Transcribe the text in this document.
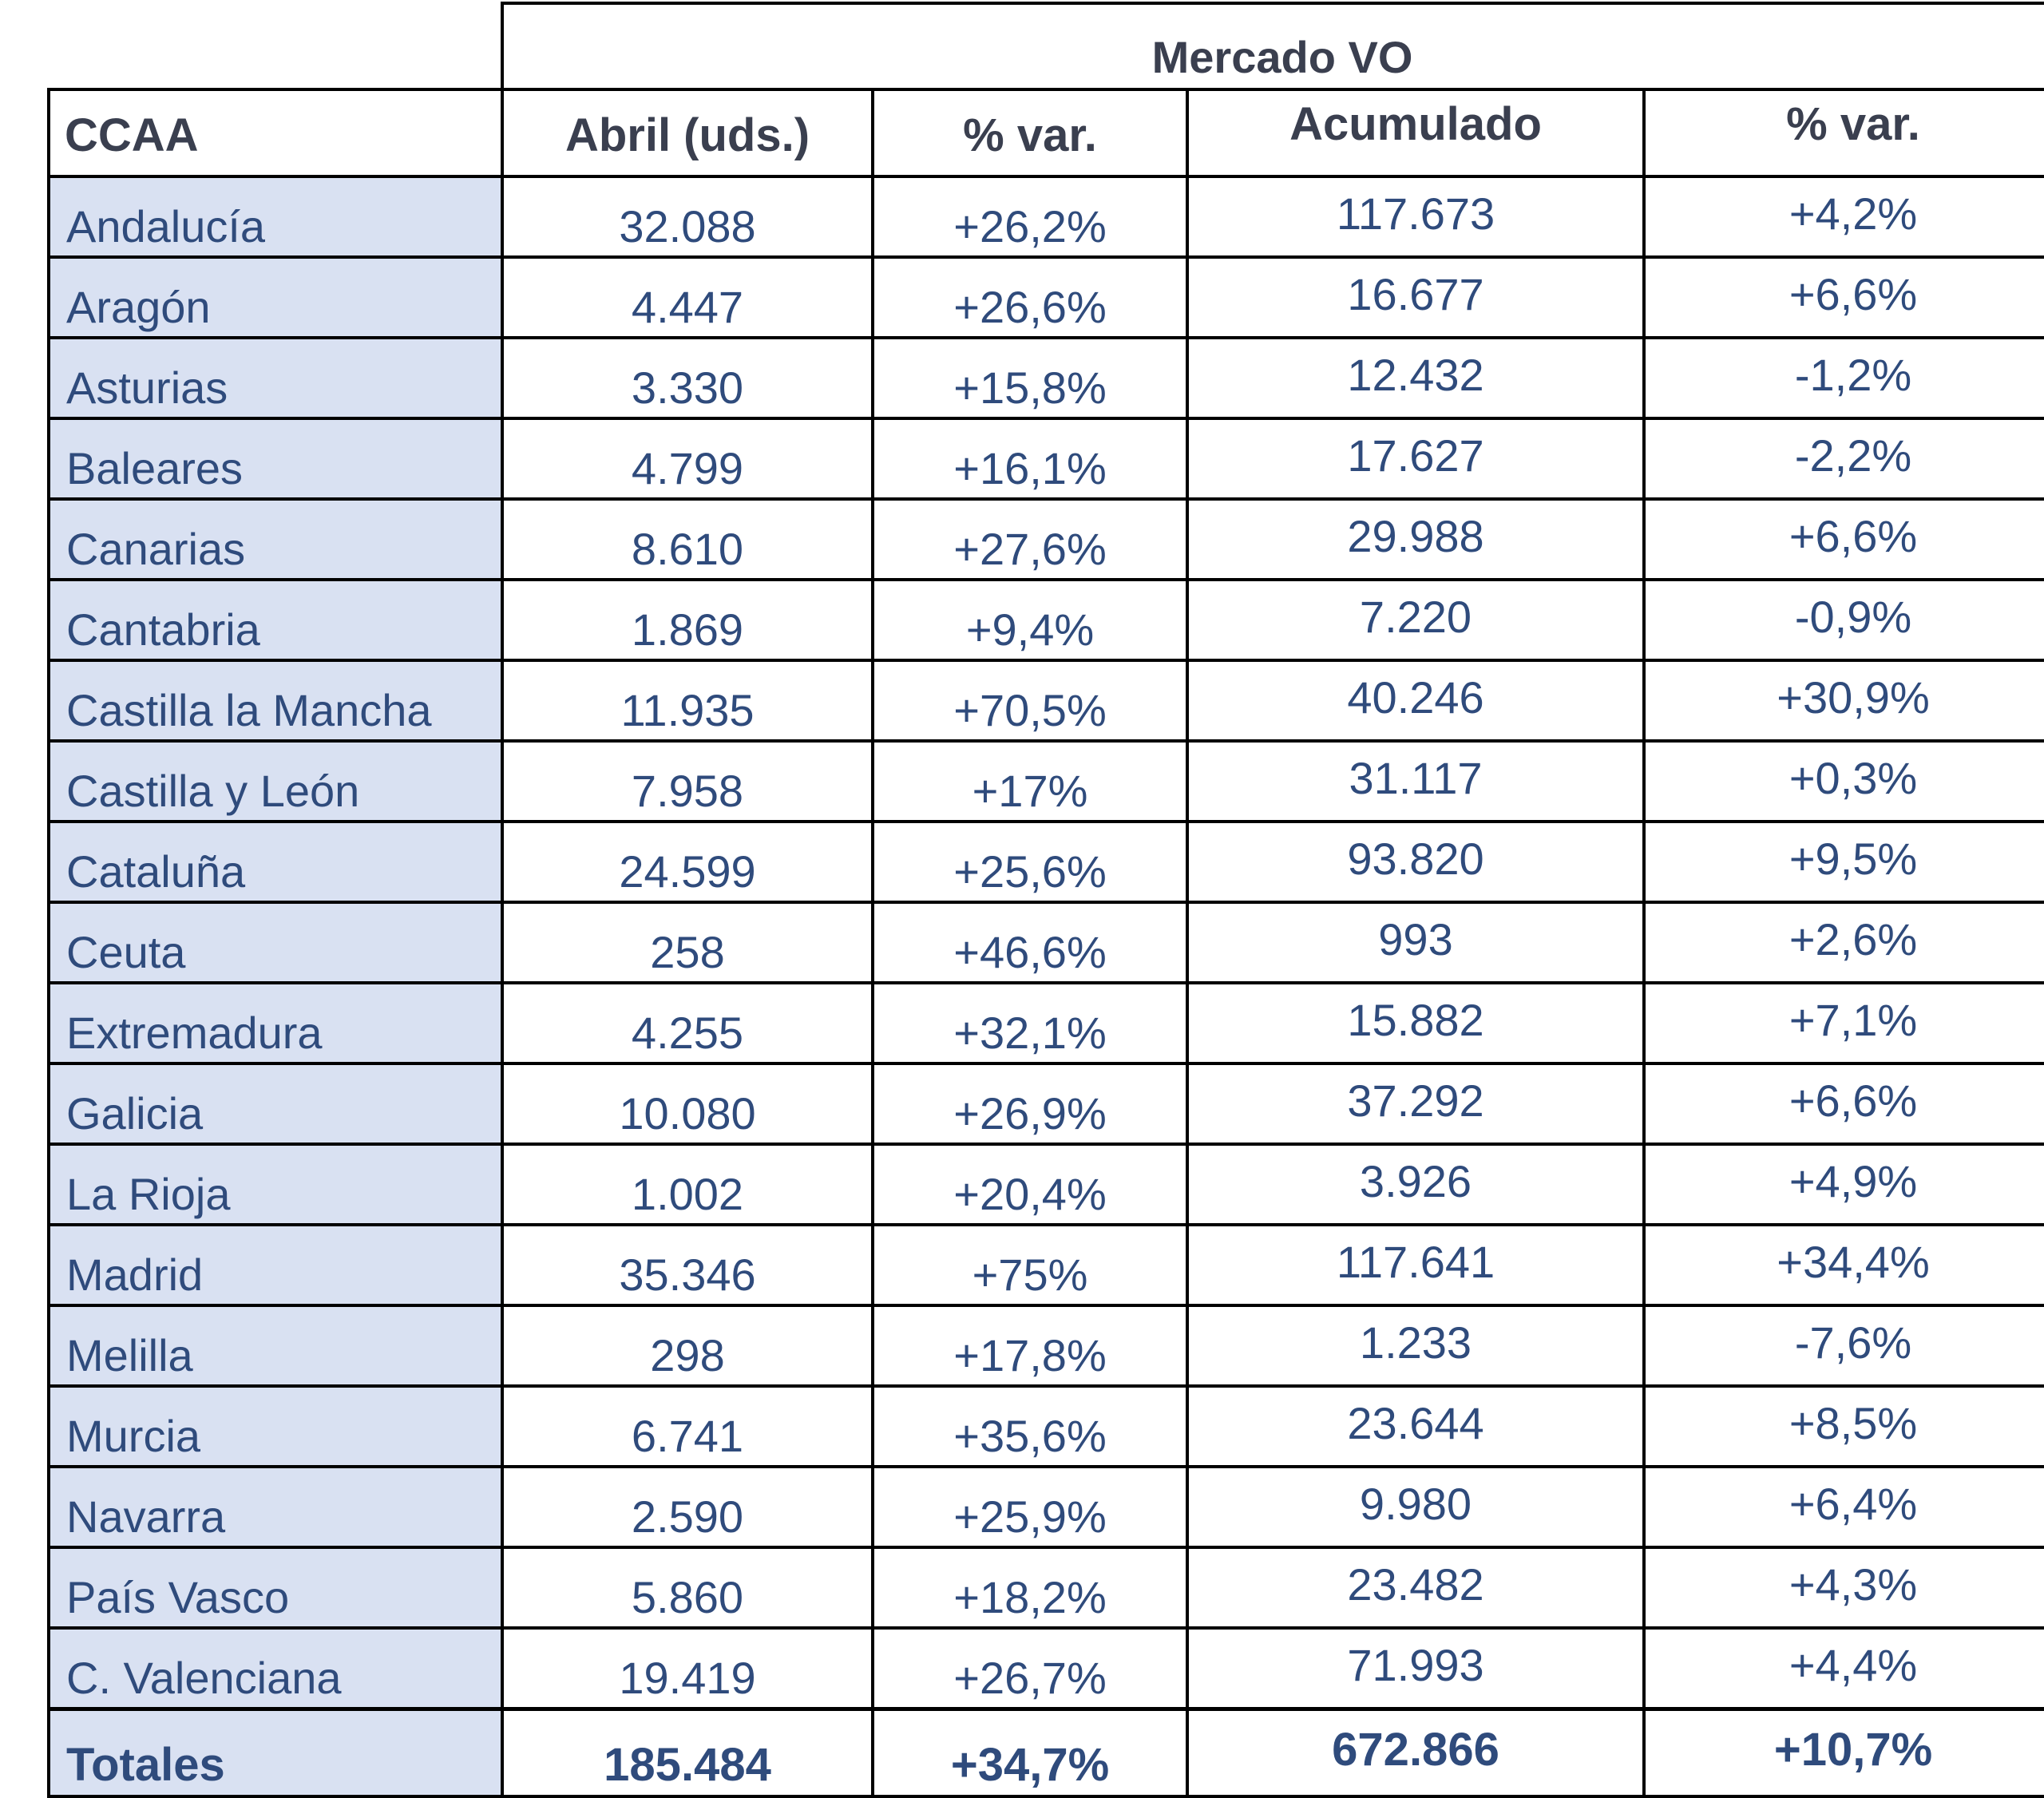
	Mercado VO			
CCAA	Abril (uds.)	% var.	Acumulado	% var.
Andalucía	32.088	+26,2%	117.673	+4,2%
Aragón	4.447	+26,6%	16.677	+6,6%
Asturias	3.330	+15,8%	12.432	-1,2%
Baleares	4.799	+16,1%	17.627	-2,2%
Canarias	8.610	+27,6%	29.988	+6,6%
Cantabria	1.869	+9,4%	7.220	-0,9%
Castilla la Mancha	11.935	+70,5%	40.246	+30,9%
Castilla y León	7.958	+17%	31.117	+0,3%
Cataluña	24.599	+25,6%	93.820	+9,5%
Ceuta	258	+46,6%	993	+2,6%
Extremadura	4.255	+32,1%	15.882	+7,1%
Galicia	10.080	+26,9%	37.292	+6,6%
La Rioja	1.002	+20,4%	3.926	+4,9%
Madrid	35.346	+75%	117.641	+34,4%
Melilla	298	+17,8%	1.233	-7,6%
Murcia	6.741	+35,6%	23.644	+8,5%
Navarra	2.590	+25,9%	9.980	+6,4%
País Vasco	5.860	+18,2%	23.482	+4,3%
C. Valenciana	19.419	+26,7%	71.993	+4,4%
Totales	185.484	+34,7%	672.866	+10,7%
